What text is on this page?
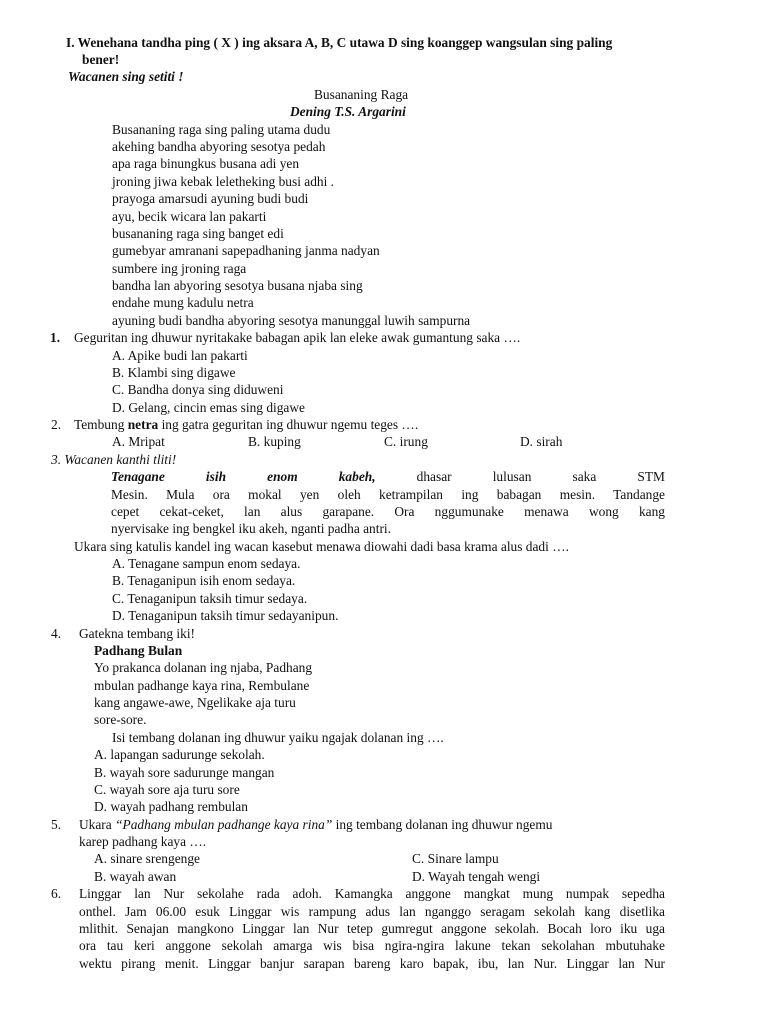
I. Wenehana tandha ping ( X ) ing aksara A, B, C utawa D sing koanggep wangsulan sing paling
bener!
Wacanen sing setiti !
Busananing Raga
Dening T.S. Argarini
Busananing raga sing paling utama dudu
akehing bandha abyoring sesotya pedah
apa raga binungkus busana adi yen
jroning jiwa kebak leletheking busi adhi .
prayoga amarsudi ayuning budi budi
ayu, becik wicara lan pakarti
busananing raga sing banget edi
gumebyar amranani sapepadhaning janma nadyan
sumbere ing jroning raga
bandha lan abyoring sesotya busana njaba sing
endahe mung kadulu netra
ayuning budi bandha abyoring sesotya manunggal luwih sampurna
1. Geguritan ing dhuwur nyritakake babagan apik lan eleke awak gumantung saka ….
A. Apike budi lan pakarti
B. Klambi sing digawe
C. Bandha donya sing diduweni
D. Gelang, cincin emas sing digawe
2. Tembung netra ing gatra geguritan ing dhuwur ngemu teges ….
A. Mripat	B. kuping	C. irung	D. sirah
3. Wacanen kanthi tliti!
Tenagane	isih	enom	kabeh,	dhasar	lulusan	saka	STM
Mesin. Mula ora mokal yen oleh ketrampilan ing babagan mesin. Tandange
cepet cekat-ceket, lan alus garapane. Ora nggumunake menawa wong kang
nyervisake ing bengkel iku akeh, nganti padha antri.
Ukara sing katulis kandel ing wacan kasebut menawa diowahi dadi basa krama alus dadi ….
A. Tenagane sampun enom sedaya.
B. Tenaganipun isih enom sedaya.
C. Tenaganipun taksih timur sedaya.
D. Tenaganipun taksih timur sedayanipun.
4. Gatekna tembang iki!
Padhang Bulan
Yo prakanca dolanan ing njaba, Padhang
mbulan padhange kaya rina, Rembulane
kang angawe-awe, Ngelikake aja turu
sore-sore.
Isi tembang dolanan ing dhuwur yaiku ngajak dolanan ing ….
A. lapangan sadurunge sekolah.
B. wayah sore sadurunge mangan
C. wayah sore aja turu sore
D. wayah padhang rembulan
5. Ukara “Padhang mbulan padhange kaya rina” ing tembang dolanan ing dhuwur ngemu
karep padhang kaya ….
A. sinare srengenge	C. Sinare lampu
B. wayah awan	D. Wayah tengah wengi
6. Linggar lan Nur sekolahe rada adoh. Kamangka anggone mangkat mung numpak sepedha
onthel. Jam 06.00 esuk Linggar wis rampung adus lan nganggo seragam sekolah kang disetlika
mlithit. Senajan mangkono Linggar lan Nur tetep gumregut anggone sekolah. Bocah loro iku uga
ora tau keri anggone sekolah amarga wis bisa ngira-ngira lakune tekan sekolahan mbutuhake
wektu pirang menit. Linggar banjur sarapan bareng karo bapak, ibu, lan Nur. Linggar lan Nur
